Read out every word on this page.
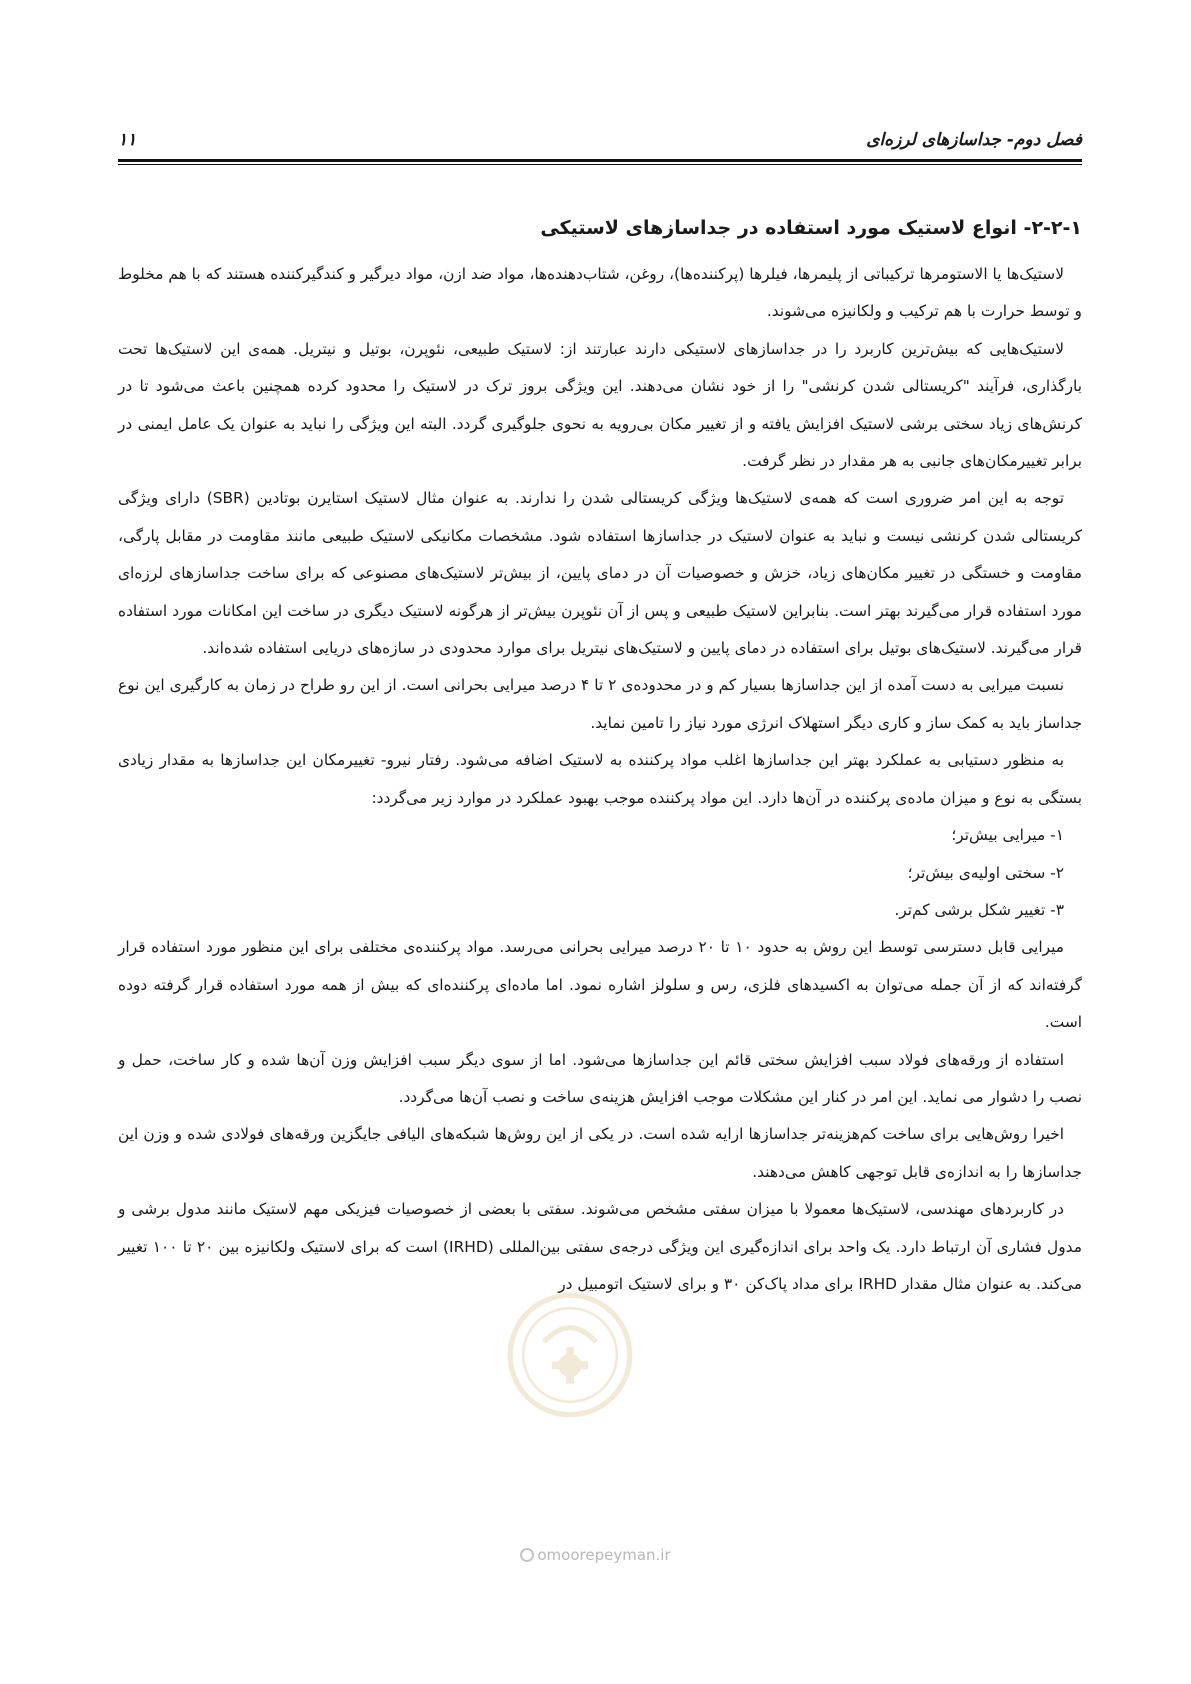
فصل دوم- جداسازهای لرزه‌ای
۱۱
۲-۲-۱- انواع لاستیک مورد استفاده در جداسازهای لاستیکی

لاستیک‌ها یا الاستومرها ترکیباتی از پلیمرها، فیلرها (پرکننده‌ها)، روغن، شتاب‌دهنده‌ها، مواد ضد ازن، مواد دیرگیر و کندگیرکننده هستند که با هم مخلوط و توسط حرارت با هم ترکیب و ولکانیزه می‌شوند.

لاستیک‌هایی که بیش‌ترین کاربرد را در جداسازهای لاستیکی دارند عبارتند از: لاستیک طبیعی، نئوپرن، بوتیل و نیتریل. همه‌ی این لاستیک‌ها تحت بارگذاری، فرآیند "کریستالی شدن کرنشی" را از خود نشان می‌دهند. این ویژگی بروز ترک در لاستیک را محدود کرده همچنین باعث می‌شود تا در کرنش‌های زیاد سختی برشی لاستیک افزایش یافته و از تغییر مکان بی‌رویه به نحوی جلوگیری گردد. البته این ویژگی را نباید به عنوان یک عامل ایمنی در برابر تغییرمکان‌های جانبی به هر مقدار در نظر گرفت.

توجه به این امر ضروری است که همه‌ی لاستیک‌ها ویژگی کریستالی شدن را ندارند. به عنوان مثال لاستیک استایرن بوتادین (SBR) دارای ویژگی کریستالی شدن کرنشی نیست و نباید به عنوان لاستیک در جداسازها استفاده شود. مشخصات مکانیکی لاستیک طبیعی مانند مقاومت در مقابل پارگی، مقاومت و خستگی در تغییر مکان‌های زیاد، خزش و خصوصیات آن در دمای پایین، از بیش‌تر لاستیک‌های مصنوعی که برای ساخت جداسازهای لرزه‌ای مورد استفاده قرار می‌گیرند بهتر است. بنابراین لاستیک طبیعی و پس از آن نئوپرن بیش‌تر از هرگونه لاستیک دیگری در ساخت این امکانات مورد استفاده قرار می‌گیرند. لاستیک‌های بوتیل برای استفاده در دمای پایین و لاستیک‌های نیتریل برای موارد محدودی در سازه‌های دریایی استفاده شده‌اند.

نسبت میرایی به دست آمده از این جداسازها بسیار کم و در محدوده‌ی ۲ تا ۴ درصد میرایی بحرانی است. از این رو طراح در زمان به کارگیری این نوع جداساز باید به کمک ساز و کاری دیگر استهلاک انرژی مورد نیاز را تامین نماید.

به منظور دستیابی به عملکرد بهتر این جداسازها اغلب مواد پرکننده به لاستیک اضافه می‌شود. رفتار نیرو- تغییرمکان این جداسازها به مقدار زیادی بستگی به نوع و میزان ماده‌ی پرکننده در آن‌ها دارد. این مواد پرکننده موجب بهبود عملکرد در موارد زیر می‌گردد:

۱- میرایی بیش‌تر؛

۲- سختی اولیه‌ی بیش‌تر؛

۳- تغییر شکل برشی کم‌تر.

میرایی قابل دسترسی توسط این روش به حدود ۱۰ تا ۲۰ درصد میرایی بحرانی می‌رسد. مواد پرکننده‌ی مختلفی برای این منظور مورد استفاده قرار گرفته‌اند که از آن جمله می‌توان به اکسیدهای فلزی، رس و سلولز اشاره نمود. اما ماده‌ای پرکننده‌ای که بیش از همه مورد استفاده قرار گرفته دوده است.

استفاده از ورقه‌های فولاد سبب افزایش سختی قائم این جداسازها می‌شود. اما از سوی دیگر سبب افزایش وزن آن‌ها شده و کار ساخت، حمل و نصب را دشوار می نماید. این امر در کنار این مشکلات موجب افزایش هزینه‌ی ساخت و نصب آن‌ها می‌گردد.

اخیرا روش‌هایی برای ساخت کم‌هزینه‌تر جداسازها ارایه شده است. در یکی از این روش‌ها شبکه‌های الیافی جایگزین ورقه‌های فولادی شده و وزن این جداسازها را به اندازه‌ی قابل توجهی کاهش می‌دهند.

در کاربردهای مهندسی، لاستیک‌ها معمولا با میزان سفتی مشخص می‌شوند. سفتی با بعضی از خصوصیات فیزیکی مهم لاستیک مانند مدول برشی و مدول فشاری آن ارتباط دارد. یک واحد برای اندازه‌گیری این ویژگی درجه‌ی سفتی بین‌المللی (IRHD) است که برای لاستیک ولکانیزه بین ۲۰ تا ۱۰۰ تغییر می‌کند. به عنوان مثال مقدار IRHD برای مداد پاک‌کن ۳۰ و برای لاستیک اتومبیل در

omoorepeyman.ir
